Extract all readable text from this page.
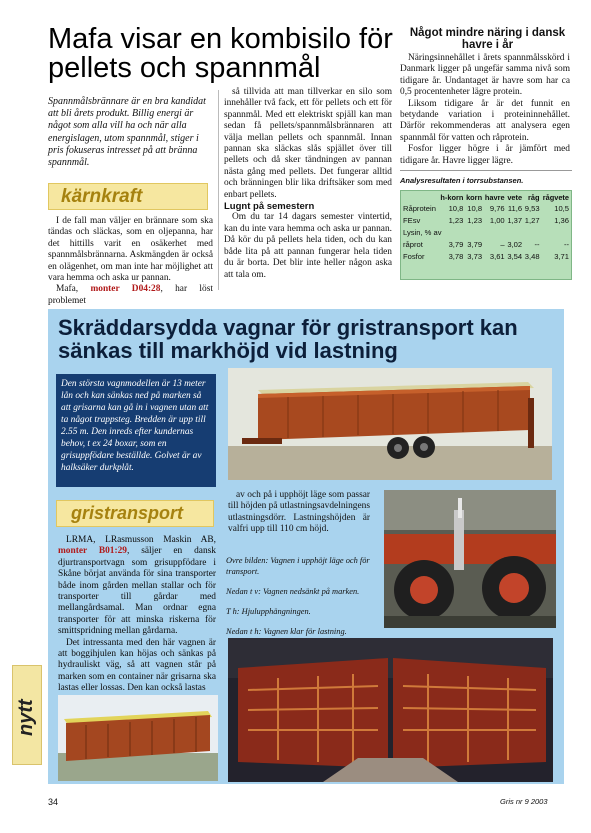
Mafa visar en kombisilo för pellets och spannmål
Spannmålsbrännare är en bra kandidat att bli årets produkt. Billig energi är något som alla vill ha och när alla energislagen, utom spannmål, stiger i pris fokuseras intresset på att bränna spannmål.
kärnkraft

I de fall man väljer en brännare som ska tändas och släckas, som en oljepanna, har det hittills varit en osäkerhet med spannmålsbrännarna. Askmängden är också en olägenhet, om man inte har möjlighet att vara hemma och aska ur pannan.

Mafa, monter D04:28, har löst problemet

så tillvida att man tillverkar en silo som innehåller två fack, ett för pellets och ett för spannmål. Med ett elektriskt spjäll kan man sedan få pellets/spannmålsbrännaren att välja mellan pellets och spannmål. Innan pannan ska släckas slås spjället över till pellets och då sker tändningen av pannan nästa gång med pellets. Det fungerar alltid och bränningen blir lika driftsäker som med enbart pellets.

Lugnt på semestern

Om du tar 14 dagars semester vintertid, kan du inte vara hemma och aska ur pannan. Då kör du på pellets hela tiden, och du kan både lita på att pannan fungerar hela tiden du är borta. Det blir inte heller någon aska att tala om.

Något mindre näring i dansk havre i år

Näringsinnehållet i årets spannmålsskörd i Danmark ligger på ungefär samma nivå som tidigare år. Undantaget är havre som har ca 0,5 procentenheter lägre protein.

Liksom tidigare år är det funnit en betydande variation i proteininnehållet. Därför rekommenderas att analysera egen spannmål för vatten och råprotein.

Fosfor ligger högre i år jämfört med tidigare år. Havre ligger lägre.

Analysresultaten i torrsubstansen.
	h-korn	korn	havre	vete	råg	rågvete
Råprotein	10,8	10,8	9,76	11,6	9,53	10,5
FEsv	1,23	1,23	1,00	1,37	1,27	1,36
Lysin, % av						
råprot	3,79	3,79	–	3,02	--	--
Fosfor	3,78	3,73	3,61	3,54	3,48	3,71
Skräddarsydda vagnar för gristransport kan sänkas till markhöjd vid lastning
Den största vagnmodellen är 13 meter lån och kan sänkas ned på marken så att grisarna kan gå in i vagnen utan att ta något trappsteg. Bredden är upp till 2.55 m. Den inreds efter kundernas behov, t ex 24 boxar, som en grisuppfödare beställde. Golvet är av halksäker durkplåt.
gristransport

LRMA, LRasmusson Maskin AB, monter B01:29, säljer en dansk djurtransportvagn som grisuppfödare i Skåne börjat använda för sina transporter både inom gården mellan stallar och för transporter till gårdar med mellangårdsamal. Man ordnar egna transporter för att minska riskerna för smittspridning mellan gårdarna.

Det intressanta med den här vagnen är att boggihjulen kan höjas och sänkas på hydrauliskt väg, så att vagnen står på marken som en container när grisarna ska lastas eller lossas. Den kan också lastas

av och på i upphöjt läge som passar till höjden på utlastningsavdelningens utlastningsdörr. Lastningshöjden är valfri upp till 110 cm höjd.

Ovre bilden: Vagnen i upphöjt läge och för transport.

Nedan t v: Vagnen nedsänkt på marken.

T h: Hjulupphängningen.

Nedan t h: Vagnen klar för lastning.

nytt
34	Gris nr 9 2003
